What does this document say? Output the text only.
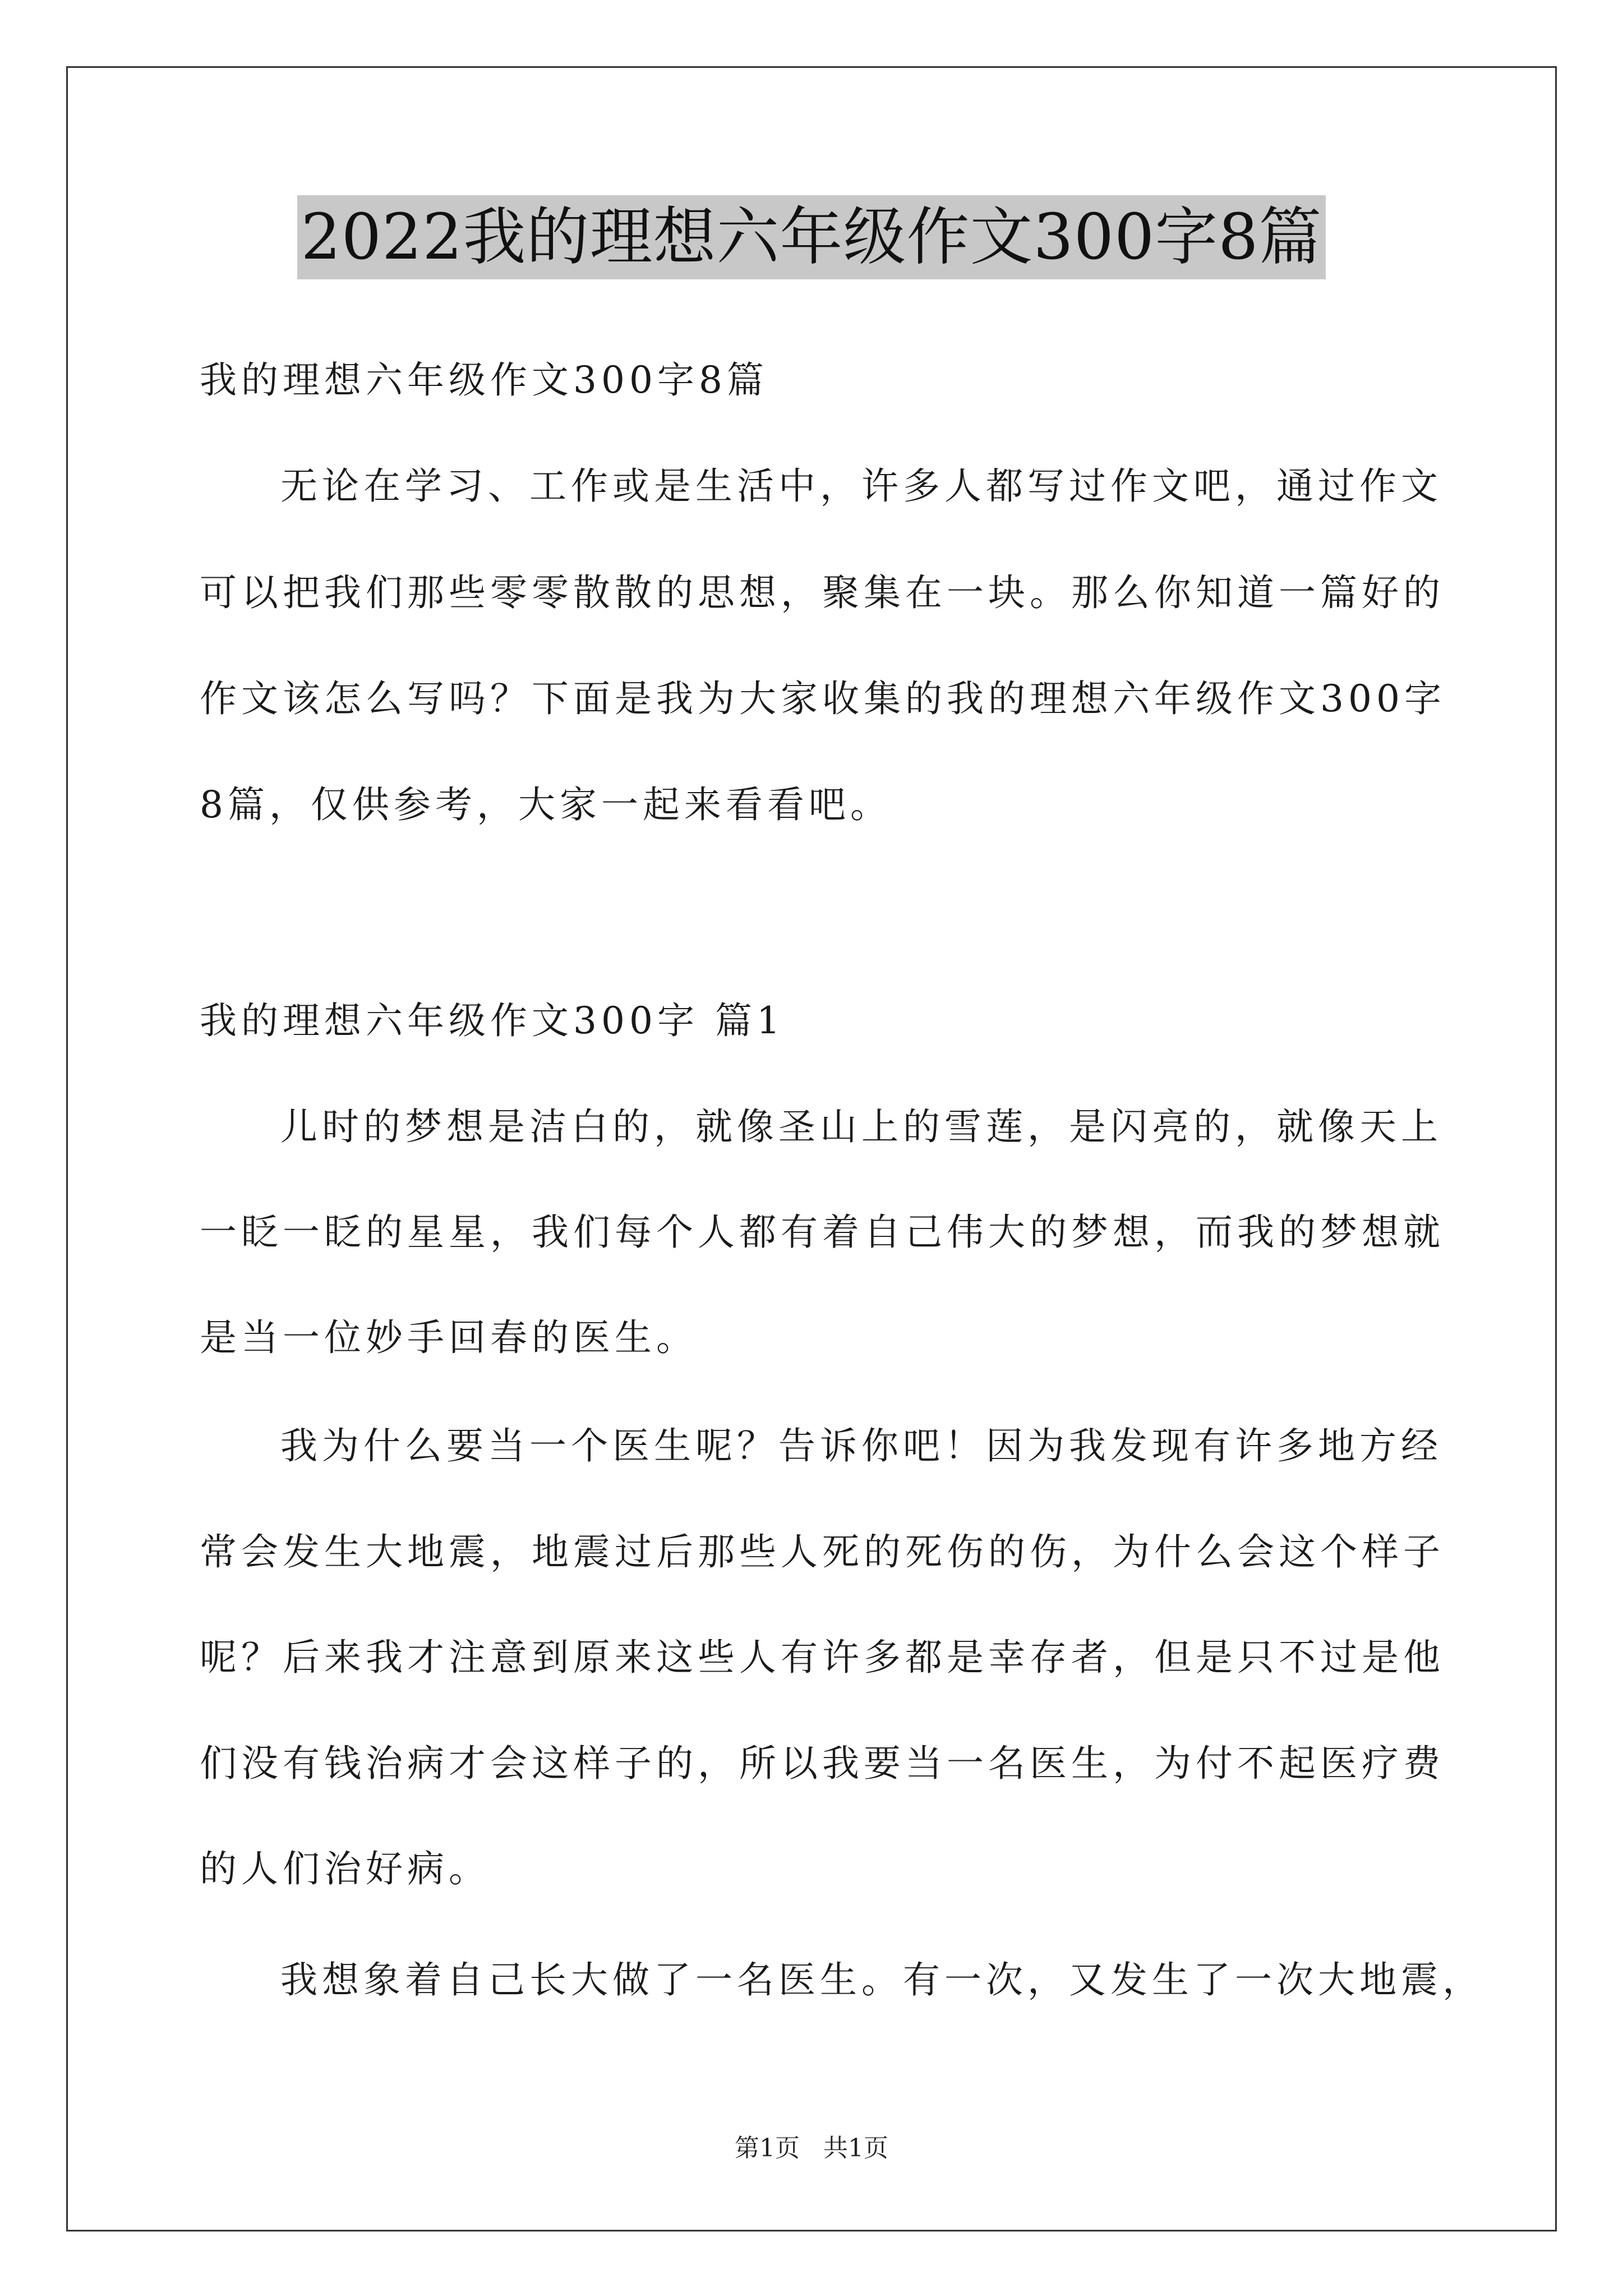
2022我的理想六年级作文300字8篇
我的理想六年级作文300字8篇
无论在学习、工作或是生活中，许多人都写过作文吧，通过作文
可以把我们那些零零散散的思想，聚集在一块。那么你知道一篇好的
作文该怎么写吗？下面是我为大家收集的我的理想六年级作文300字
8篇，仅供参考，大家一起来看看吧。
我的理想六年级作文300字 篇1
儿时的梦想是洁白的，就像圣山上的雪莲，是闪亮的，就像天上
一眨一眨的星星，我们每个人都有着自己伟大的梦想，而我的梦想就
是当一位妙手回春的医生。
我为什么要当一个医生呢？告诉你吧！因为我发现有许多地方经
常会发生大地震，地震过后那些人死的死伤的伤，为什么会这个样子
呢？后来我才注意到原来这些人有许多都是幸存者，但是只不过是他
们没有钱治病才会这样子的，所以我要当一名医生，为付不起医疗费
的人们治好病。
我想象着自己长大做了一名医生。有一次，又发生了一次大地震，
第1页 共1页
